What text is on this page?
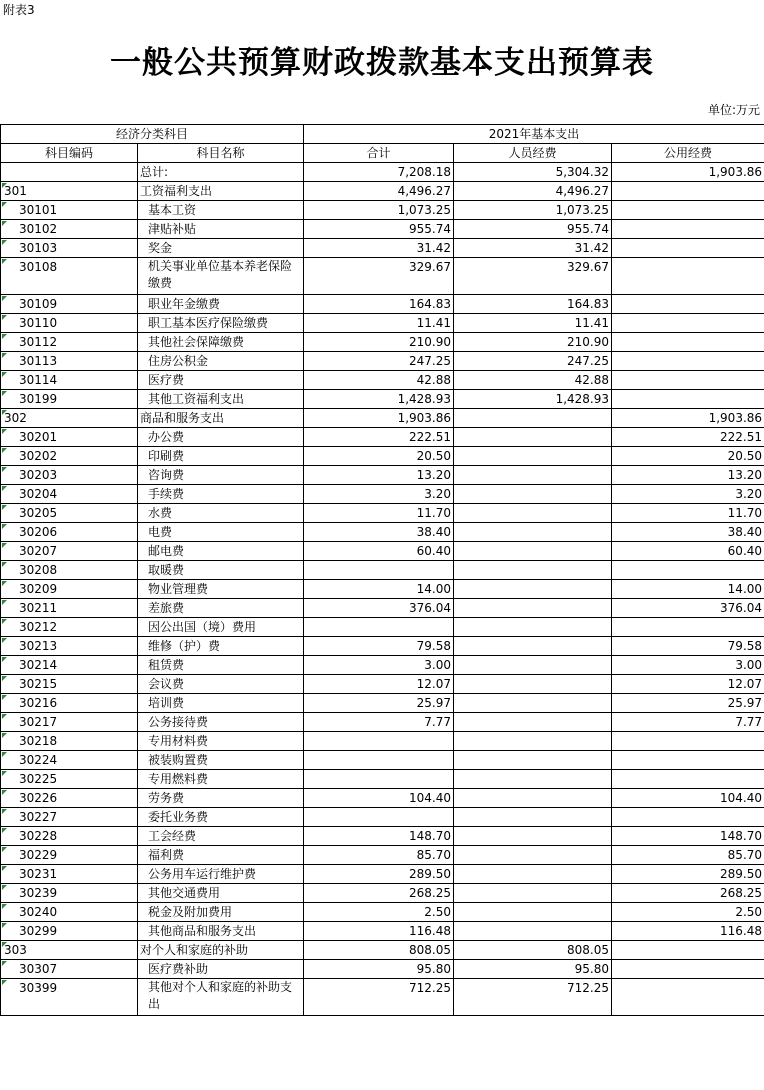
附表3
一般公共预算财政拨款基本支出预算表
单位:万元
经济分类科目		2021年基本支出		
科目编码	科目名称	合计	人员经费	公用经费
	总计:	7,208.18	5,304.32	1,903.86
301	工资福利支出	4,496.27	4,496.27	
30101	基本工资	1,073.25	1,073.25	
30102	津贴补贴	955.74	955.74	
30103	奖金	31.42	31.42	
30108	机关事业单位基本养老保险缴费	329.67	329.67	
30109	职业年金缴费	164.83	164.83	
30110	职工基本医疗保险缴费	11.41	11.41	
30112	其他社会保障缴费	210.90	210.90	
30113	住房公积金	247.25	247.25	
30114	医疗费	42.88	42.88	
30199	其他工资福利支出	1,428.93	1,428.93	
302	商品和服务支出	1,903.86		1,903.86
30201	办公费	222.51		222.51
30202	印刷费	20.50		20.50
30203	咨询费	13.20		13.20
30204	手续费	3.20		3.20
30205	水费	11.70		11.70
30206	电费	38.40		38.40
30207	邮电费	60.40		60.40
30208	取暖费			
30209	物业管理费	14.00		14.00
30211	差旅费	376.04		376.04
30212	因公出国（境）费用			
30213	维修（护）费	79.58		79.58
30214	租赁费	3.00		3.00
30215	会议费	12.07		12.07
30216	培训费	25.97		25.97
30217	公务接待费	7.77		7.77
30218	专用材料费			
30224	被装购置费			
30225	专用燃料费			
30226	劳务费	104.40		104.40
30227	委托业务费			
30228	工会经费	148.70		148.70
30229	福利费	85.70		85.70
30231	公务用车运行维护费	289.50		289.50
30239	其他交通费用	268.25		268.25
30240	税金及附加费用	2.50		2.50
30299	其他商品和服务支出	116.48		116.48
303	对个人和家庭的补助	808.05	808.05	
30307	医疗费补助	95.80	95.80	
30399	其他对个人和家庭的补助支出	712.25	712.25	
